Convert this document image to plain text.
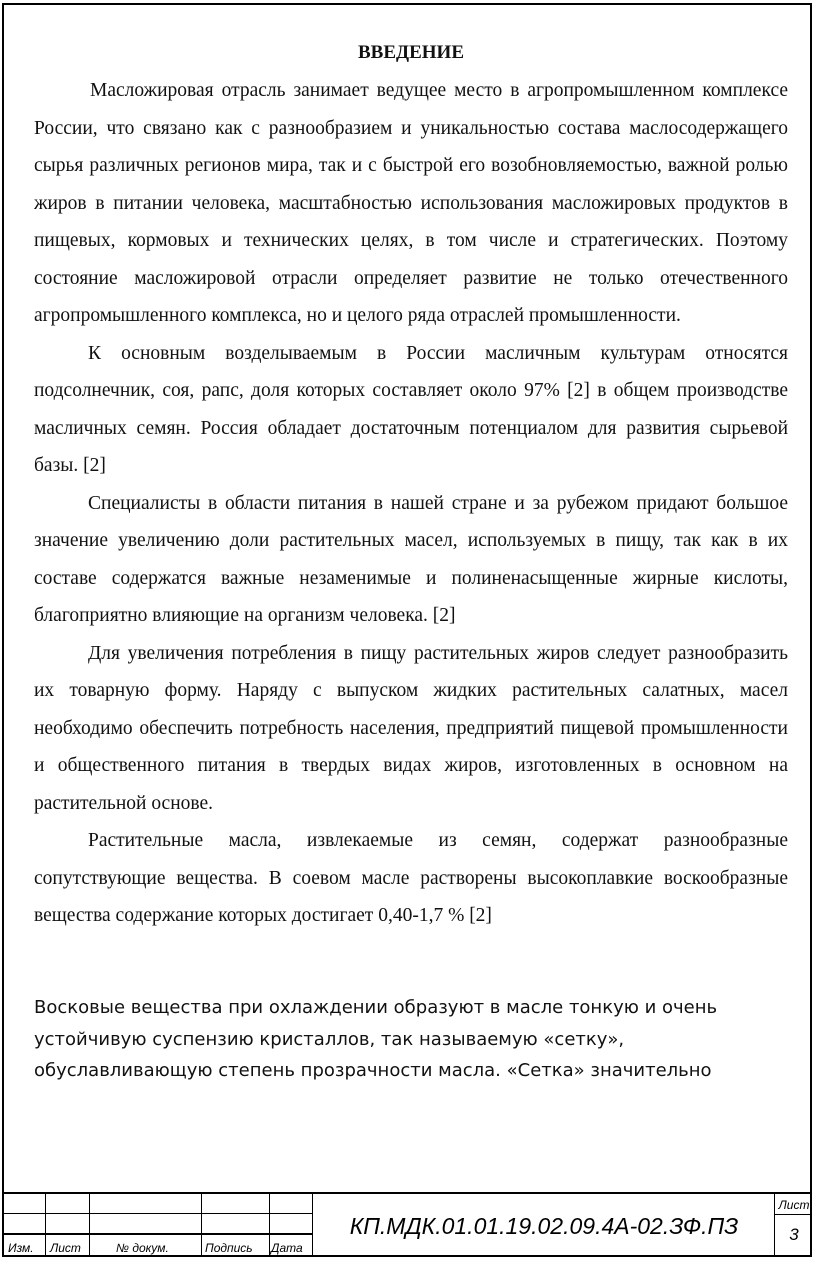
ВВЕДЕНИЕ

Масложировая отрасль занимает ведущее место в агропромышленном комплексе России, что связано как с разнообразием и уникальностью состава маслосодержащего сырья различных регионов мира, так и с быстрой его возобновляемостью, важной ролью жиров в питании человека, масштабностью использования масложировых продуктов в пищевых, кормовых и технических целях, в том числе и стратегических. Поэтому состояние масложировой отрасли определяет развитие не только отечественного агропромышленного комплекса, но и целого ряда отраслей промышленности.

К основным возделываемым в России масличным культурам относятся подсолнечник, соя, рапс, доля которых составляет около 97% [2] в общем производстве масличных семян. Россия обладает достаточным потенциалом для развития сырьевой базы. [2]

Специалисты в области питания в нашей стране и за рубежом придают большое значение увеличению доли растительных масел, используемых в пищу, так как в их составе содержатся важные незаменимые и полиненасыщенные жирные кислоты, благоприятно влияющие на организм человека. [2]

Для увеличения потребления в пищу растительных жиров следует разнообразить их товарную форму. Наряду с выпуском жидких растительных салатных, масел необходимо обеспечить потребность населения, предприятий пищевой промышленности и общественного питания в твердых видах жиров, изготовленных в основном на растительной основе.

Растительные масла, извлекаемые из семян, содержат разнообразные сопутствующие вещества. В соевом масле растворены высокоплавкие воскообразные вещества содержание которых достигает 0,40-1,7 % [2]

Восковые вещества при охлаждении образуют в масле тонкую и очень устойчивую суспензию кристаллов, так называемую «сетку», обуславливающую степень прозрачности масла. «Сетка» значительно

Изм. Лист	№ докум.	Подпись Дата
КП.МДК.01.01.19.02.09.4А-02.ЗФ.ПЗ
Лист
3
